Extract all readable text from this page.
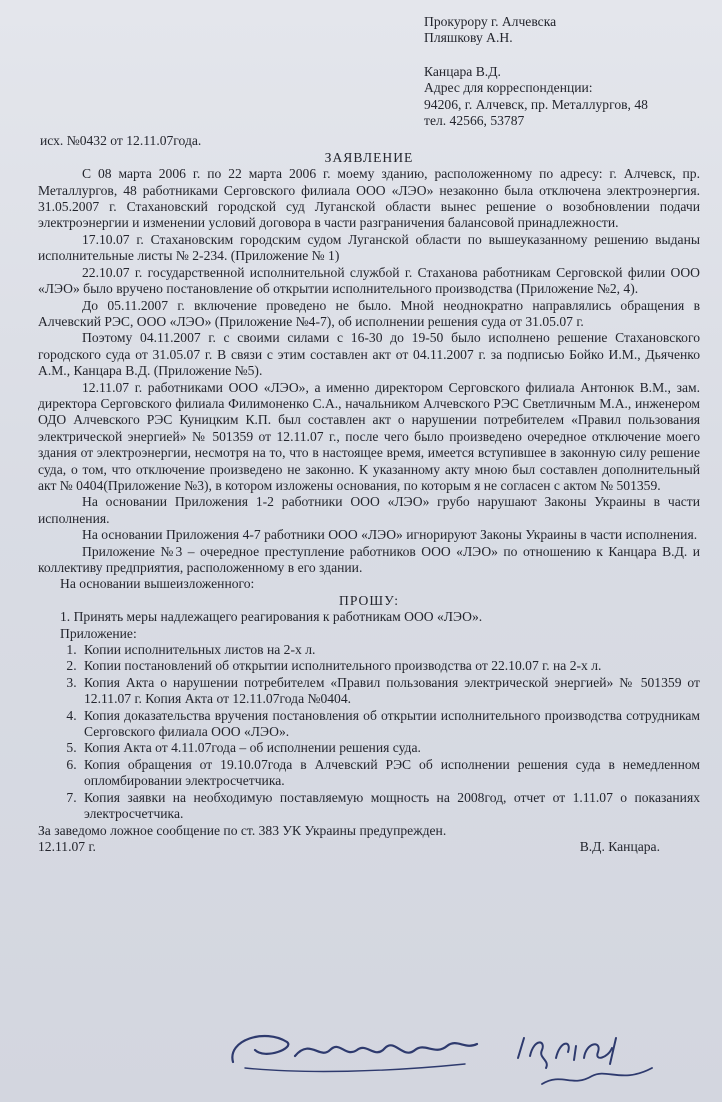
Прокурору г. Алчевска
Пляшкову А.Н.
Канцара В.Д.
Адрес для корреспонденции:
94206, г. Алчевск, пр. Металлургов, 48
тел. 42566, 53787
исх. №0432 от 12.11.07года.
ЗАЯВЛЕНИЕ

С 08 марта 2006 г. по 22 марта 2006 г. моему зданию, расположенному по адресу: г. Алчевск, пр. Металлургов, 48 работниками Серговского филиала ООО «ЛЭО» незаконно была отключена электроэнергия. 31.05.2007 г. Стахановский городской суд Луганской области вынес решение о возобновлении подачи электроэнергии и изменении условий договора в части разграничения балансовой принадлежности.

17.10.07 г. Стахановским городским судом Луганской области по вышеуказанному решению выданы исполнительные листы № 2-234. (Приложение № 1)

22.10.07 г. государственной исполнительной службой г. Стаханова работникам Серговской филии ООО «ЛЭО» было вручено постановление об открытии исполнительного производства (Приложение №2, 4).

До 05.11.2007 г. включение проведено не было. Мной неоднократно направлялись обращения в Алчевский РЭС, ООО «ЛЭО» (Приложение №4-7), об исполнении решения суда от 31.05.07 г.

Поэтому 04.11.2007 г. с своими силами с 16-30 до 19-50 было исполнено решение Стахановского городского суда от 31.05.07 г. В связи с этим составлен акт от 04.11.2007 г. за подписью Бойко И.М., Дьяченко А.М., Канцара В.Д. (Приложение №5).

12.11.07 г. работниками ООО «ЛЭО», а именно директором Серговского филиала Антонюк В.М., зам. директора Серговского филиала Филимоненко С.А., начальником Алчевского РЭС Светличным М.А., инженером ОДО Алчевского РЭС Куницким К.П. был составлен акт о нарушении потребителем «Правил пользования электрической энергией» № 501359 от 12.11.07 г., после чего было произведено очередное отключение моего здания от электроэнергии, несмотря на то, что в настоящее время, имеется вступившее в законную силу решение суда, о том, что отключение произведено не законно. К указанному акту мною был составлен дополнительный акт № 0404(Приложение №3), в котором изложены основания, по которым я не согласен с актом № 501359.

На основании Приложения 1-2 работники ООО «ЛЭО» грубо нарушают Законы Украины в части исполнения.

На основании Приложения 4-7 работники ООО «ЛЭО» игнорируют Законы Украины в части исполнения.

Приложение №3 – очередное преступление работников ООО «ЛЭО» по отношению к Канцара В.Д. и коллективу предприятия, расположенному в его здании.

На основании вышеизложенного:
ПРОШУ:
1. Принять меры надлежащего реагирования к работникам ООО «ЛЭО».
Приложение:
1. Копии исполнительных листов на 2-х л.
2. Копии постановлений об открытии исполнительного производства от 22.10.07 г. на 2-х л.
3. Копия Акта о нарушении потребителем «Правил пользования электрической энергией» № 501359 от 12.11.07 г. Копия Акта от 12.11.07года №0404.
4. Копия доказательства вручения постановления об открытии исполнительного производства сотрудникам Серговского филиала ООО «ЛЭО».
5. Копия Акта от 4.11.07года – об исполнении решения суда.
6. Копия обращения от 19.10.07года в Алчевский РЭС об исполнении решения суда в немедленном опломбировании электросчетчика.
7. Копия заявки на необходимую поставляемую мощность на 2008год, отчет от 1.11.07 о показаниях электросчетчика.
За заведомо ложное сообщение по ст. 383 УК Украины предупрежден.
12.11.07 г.	В.Д. Канцара.
